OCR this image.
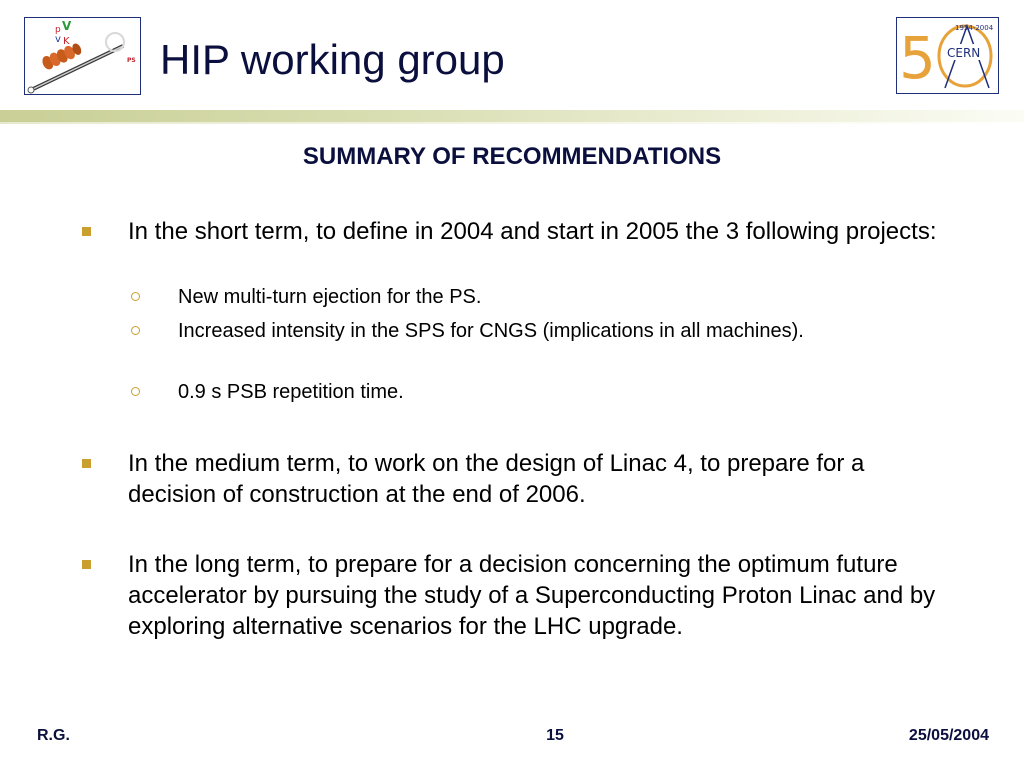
p V
v K
PS HIP working group	5	1954-2004
CERN
SUMMARY OF RECOMMENDATIONS
In the short term, to define in 2004 and start in 2005 the 3 following projects:
New multi-turn ejection for the PS.
Increased intensity in the SPS for CNGS (implications in all machines).
0.9 s PSB repetition time.
In the medium term, to work on the design of Linac 4, to prepare for a decision of construction at the end of 2006.
In the long term, to prepare for a decision concerning the optimum future accelerator by pursuing the study of a Superconducting Proton Linac and by exploring alternative scenarios for the LHC upgrade.
R.G.	15	25/05/2004
